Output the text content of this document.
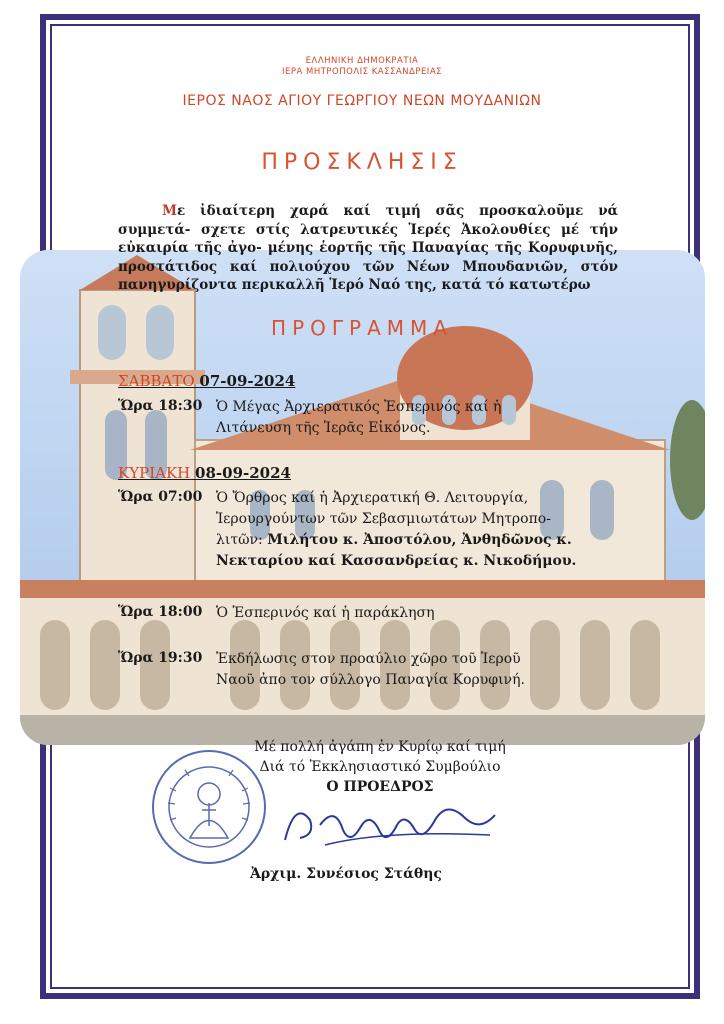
ΕΛΛΗΝΙΚΗ ΔΗΜΟΚΡΑΤΙΑ
ΙΕΡΑ ΜΗΤΡΟΠΟΛΙΣ ΚΑΣΣΑΝΔΡΕΙΑΣ
ΙΕΡΟΣ ΝΑΟΣ ΑΓΙΟΥ ΓΕΩΡΓΙΟΥ ΝΕΩΝ ΜΟΥΔΑΝΙΩΝ
ΠΡΟΣΚΛΗΣΙΣ
Με ἰδιαίτερη χαρά καί τιμή σᾶς προσκαλοῦμε νά συμμετά- σχετε στίς λατρευτικές Ἱερές Ἀκολουθίες μέ τήν εὐκαιρία τῆς ἀγο- μένης ἑορτῆς τῆς Παναγίας τῆς Κορυφινῆς, προστάτιδος καί πολιούχου τῶν Νέων Μπουδανιῶν, στόν πανηγυρίζοντα περικαλλῆ Ἱερό Ναό της, κατά τό κατωτέρω
ΠΡΟΓΡΑΜΜΑ
ΣΑΒΒΑΤΟ 07-09-2024
Ὥρα 18:30 Ὁ Μέγας Ἀρχιερατικός Ἑσπερινός καί ἡ
Λιτάνευση τῆς Ἱερᾶς Εἰκόνος.
ΚΥΡΙΑΚΗ 08-09-2024
Ὥρα 07:00 Ὁ Ὄρθρος καί ἡ Ἀρχιερατική Θ. Λειτουργία,
Ἱερουργούντων τῶν Σεβασμιωτάτων Μητροπο-
λιτῶν: Μιλήτου κ. Ἀποστόλου, Ἀνθηδῶνος κ.
Νεκταρίου καί Κασσανδρείας κ. Νικοδήμου.
Ὥρα 18:00 Ὁ Ἑσπερινός καί ἡ παράκληση
Ὥρα 19:30 Ἐκδήλωσις στον προαύλιο χῶρο τοῦ Ἱεροῦ
Ναοῦ ἀπο τον σύλλογο Παναγία Κορυφινή.
Μέ πολλή ἀγάπη ἐν Κυρίῳ καί τιμή
Διά τό Ἐκκλησιαστικό Συμβούλιο
Ο ΠΡΟΕΔΡΟΣ
Ἀρχιμ. Συνέσιος Στάθης
